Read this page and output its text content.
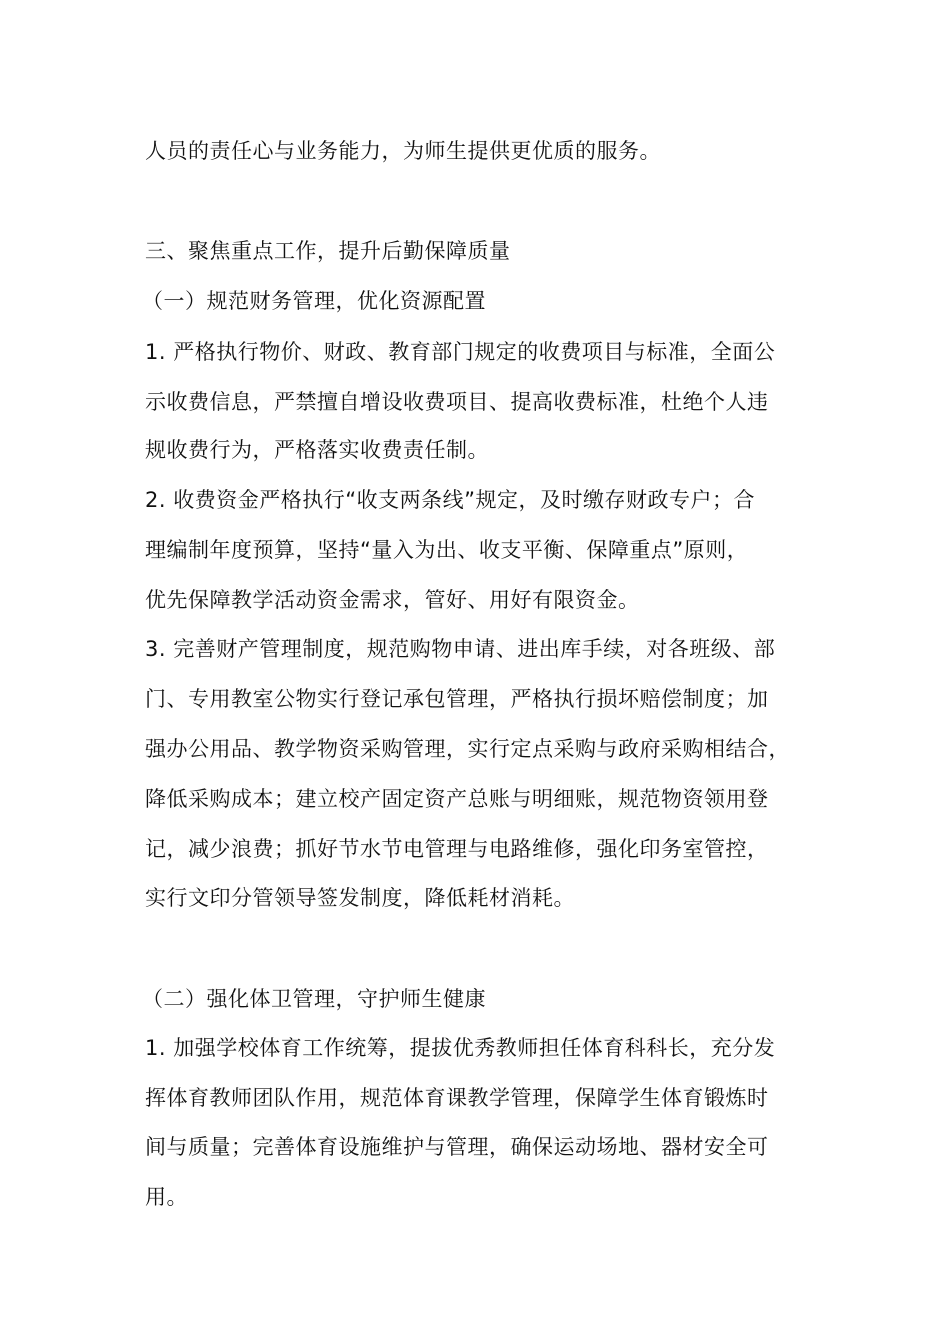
人员的责任心与业务能力，为师生提供更优质的服务。
三、聚焦重点工作，提升后勤保障质量
（一）规范财务管理，优化资源配置
1. 严格执行物价、财政、教育部门规定的收费项目与标准，全面公
示收费信息，严禁擅自增设收费项目、提高收费标准，杜绝个人违
规收费行为，严格落实收费责任制。
2. 收费资金严格执行“收支两条线”规定，及时缴存财政专户；合
理编制年度预算，坚持“量入为出、收支平衡、保障重点”原则，
优先保障教学活动资金需求，管好、用好有限资金。
3. 完善财产管理制度，规范购物申请、进出库手续，对各班级、部
门、专用教室公物实行登记承包管理，严格执行损坏赔偿制度；加
强办公用品、教学物资采购管理，实行定点采购与政府采购相结合，
降低采购成本；建立校产固定资产总账与明细账，规范物资领用登
记，减少浪费；抓好节水节电管理与电路维修，强化印务室管控，
实行文印分管领导签发制度，降低耗材消耗。
（二）强化体卫管理，守护师生健康
1. 加强学校体育工作统筹，提拔优秀教师担任体育科科长，充分发
挥体育教师团队作用，规范体育课教学管理，保障学生体育锻炼时
间与质量；完善体育设施维护与管理，确保运动场地、器材安全可
用。
